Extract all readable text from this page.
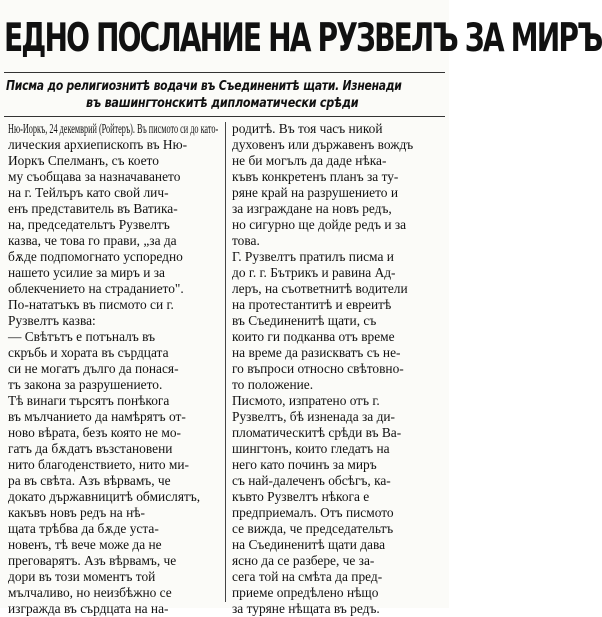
ЕДНО ПОСЛАНИЕ НА РУЗВЕЛЪ ЗА МИРЪ
Писма до религиознитѣ водачи въ Съединенитѣ щати. Изненади
въ вашингтонскитѣ дипломатически срѣди
Ню-Иоркъ, 24 декемврий (Ройтеръ). Въ писмото си до като-
лическия архиепископъ въ Ню-
Иоркъ Спелманъ, съ което
му съобщава за назначаването
на г. Тейлъръ като свой лич-
енъ представитель въ Ватика-
на, председательтъ Рузвелтъ
казва, че това го прави, „за да
бѫде подпомогнато успоредно
нашето усилие за миръ и за
облекчението на страданието".
По-нататъкъ въ писмото си г.
Рузвелтъ казва:
— Свѣтътъ е потъналъ въ
скръбь и хората въ сърдцата
си не могатъ дълго да понася-
тъ закона за разрушението.
Тѣ винаги търсятъ понѣкога
въ мълчанието да намѣрятъ от-
ново вѣрата, безъ която не мо-
гатъ да бѫдатъ възстановени
нито благоденствието, нито ми-
ра въ свѣта. Азъ вѣрвамъ, че
докато държавницитѣ обмислятъ,
какъвъ новъ редъ на нѣ-
щата трѣбва да бѫде уста-
новенъ, тѣ вече може да не
преговарятъ. Азъ вѣрвамъ, че
дори въ този моментъ той
мълчаливо, но неизбѣжно се
изгражда въ сърдцата на на-
родитѣ. Въ тоя часъ никой
духовенъ или държавенъ вождъ
не би могълъ да даде нѣка-
къвъ конкретенъ планъ за ту-
ряне край на разрушението и
за изграждане на новъ редъ,
но сигурно ще дойде редъ и за
това.
Г. Рузвелтъ пратилъ писма и
до г. г. Бътрикъ и равина Ад-
леръ, на съответнитѣ водители
на протестантитѣ и евреитѣ
въ Съединенитѣ щати, съ
които ги подканва отъ време
на време да разискватъ съ не-
го въпроси относно свѣтовно-
то положение.
Писмото, изпратено отъ г.
Рузвелтъ, бѣ изненада за ди-
пломатическитѣ срѣди въ Ва-
шингтонъ, които гледатъ на
него като починъ за миръ
съ най-далеченъ обсѣгъ, ка-
къвто Рузвелтъ нѣкога е
предприемалъ. Отъ писмото
се вижда, че председательтъ
на Съединенитѣ щати дава
ясно да се разбере, че за-
сега той на смѣта да пред-
приеме опредѣлено нѣщо
за туряне нѣщата въ редъ.
